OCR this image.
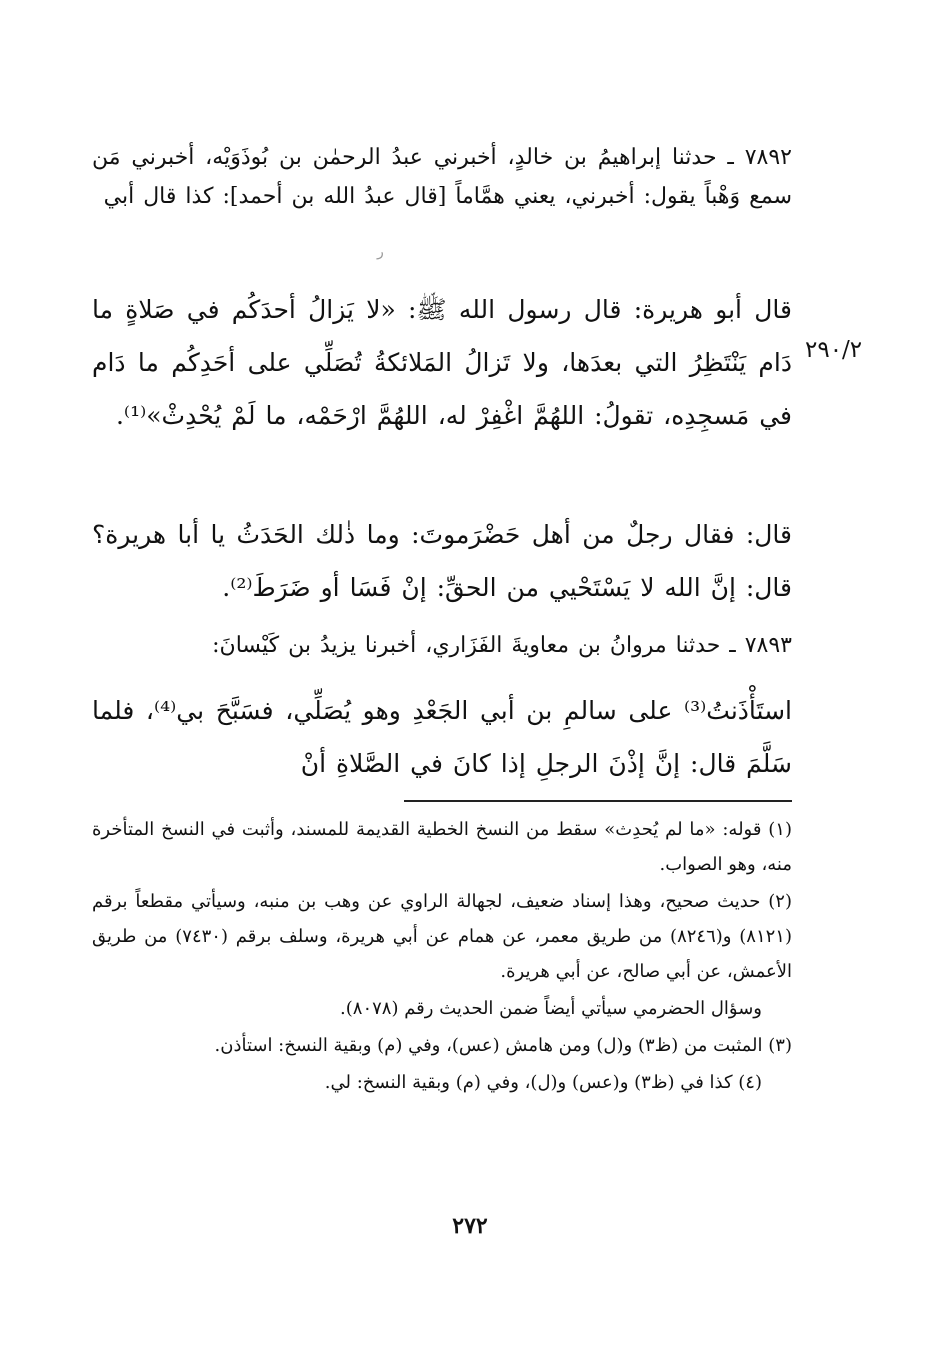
٧٨٩٢ ـ حدثنا إبراهيمُ بن خالدٍ، أخبرني عبدُ الرحمٰن بن بُوذَوَيْه، أخبرني مَن سمع وَهْباً يقول: أخبرني، يعني همَّاماً [قال عبدُ الله بن أحمد]: كذا قال أبي
ﺭ
قال أبو هريرة: قال رسول الله ﷺ: «لا يَزالُ أحدَكُم في صَلاةٍ ما دَام يَنْتَظِرُ التي بعدَها، ولا تَزالُ المَلائكةُ تُصَلِّي على أحَدِكُم ما دَام في مَسجِدِه، تقولُ: اللهُمَّ اغْفِرْ له، اللهُمَّ ارْحَمْه، ما لَمْ يُحْدِثْ»⁽¹⁾.
٢٩٠/٢
قال: فقال رجلٌ من أهل حَضْرَموتَ: وما ذٰلك الحَدَثُ يا أبا هريرة؟ قال: إنَّ الله لا يَسْتَحْيي من الحقِّ: إنْ فَسَا أو ضَرَطَ⁽²⁾.
٧٨٩٣ ـ حدثنا مروانُ بن معاويةَ الفَزَاري، أخبرنا يزيدُ بن كَيْسانَ:
استَأْذَنتُ⁽³⁾ على سالمِ بن أبي الجَعْدِ وهو يُصَلِّي، فسَبَّحَ بي⁽⁴⁾، فلما سَلَّمَ قال: إنَّ إذْنَ الرجلِ إذا كانَ في الصَّلاةِ أنْ

(١) قوله: «ما لم يُحدِث» سقط من النسخ الخطية القديمة للمسند، وأثبت في النسخ المتأخرة منه، وهو الصواب.

(٢) حديث صحيح، وهذا إسناد ضعيف، لجهالة الراوي عن وهب بن منبه، وسيأتي مقطعاً برقم (٨١٢١) و(٨٢٤٦) من طريق معمر، عن همام عن أبي هريرة، وسلف برقم (٧٤٣٠) من طريق الأعمش، عن أبي صالح، عن أبي هريرة.

وسؤال الحضرمي سيأتي أيضاً ضمن الحديث رقم (٨٠٧٨).

(٣) المثبت من (ظ٣) و(ل) ومن هامش (عس)، وفي (م) وبقية النسخ: استأذن.

(٤) كذا في (ظ٣) و(عس) و(ل)، وفي (م) وبقية النسخ: لي.

٢٧٢
